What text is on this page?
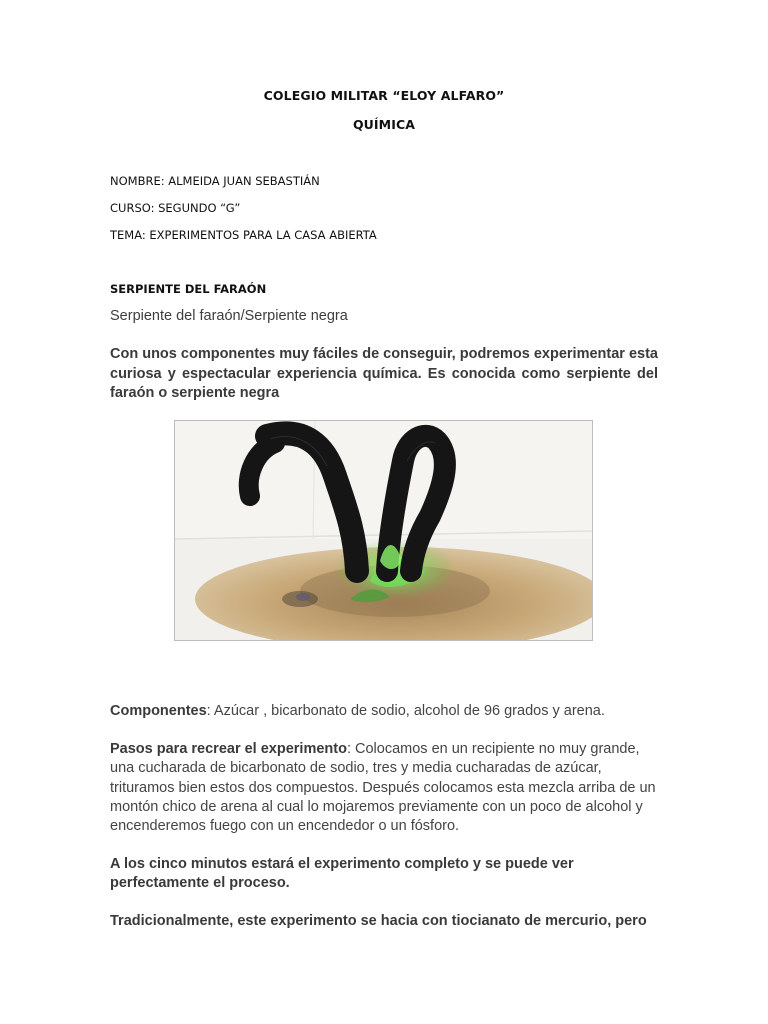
COLEGIO MILITAR “ELOY ALFARO”
QUÍMICA
NOMBRE: ALMEIDA JUAN SEBASTIÁN
CURSO: SEGUNDO “G”
TEMA: EXPERIMENTOS PARA LA CASA ABIERTA
SERPIENTE DEL FARAÓN
Serpiente del faraón/Serpiente negra

Con unos componentes muy fáciles de conseguir, podremos experimentar esta curiosa y espectacular experiencia química. Es conocida como serpiente del faraón o serpiente negra

Componentes: Azúcar , bicarbonato de sodio, alcohol de 96 grados y arena.

Pasos para recrear el experimento: Colocamos en un recipiente no muy grande, una cucharada de bicarbonato de sodio, tres y media cucharadas de azúcar, trituramos bien estos dos compuestos. Después colocamos esta mezcla arriba de un montón chico de arena al cual lo mojaremos previamente con un poco de alcohol y encenderemos fuego con un encendedor o un fósforo.

A los cinco minutos estará el experimento completo y se puede ver perfectamente el proceso.

Tradicionalmente, este experimento se hacia con tiocianato de mercurio, pero
